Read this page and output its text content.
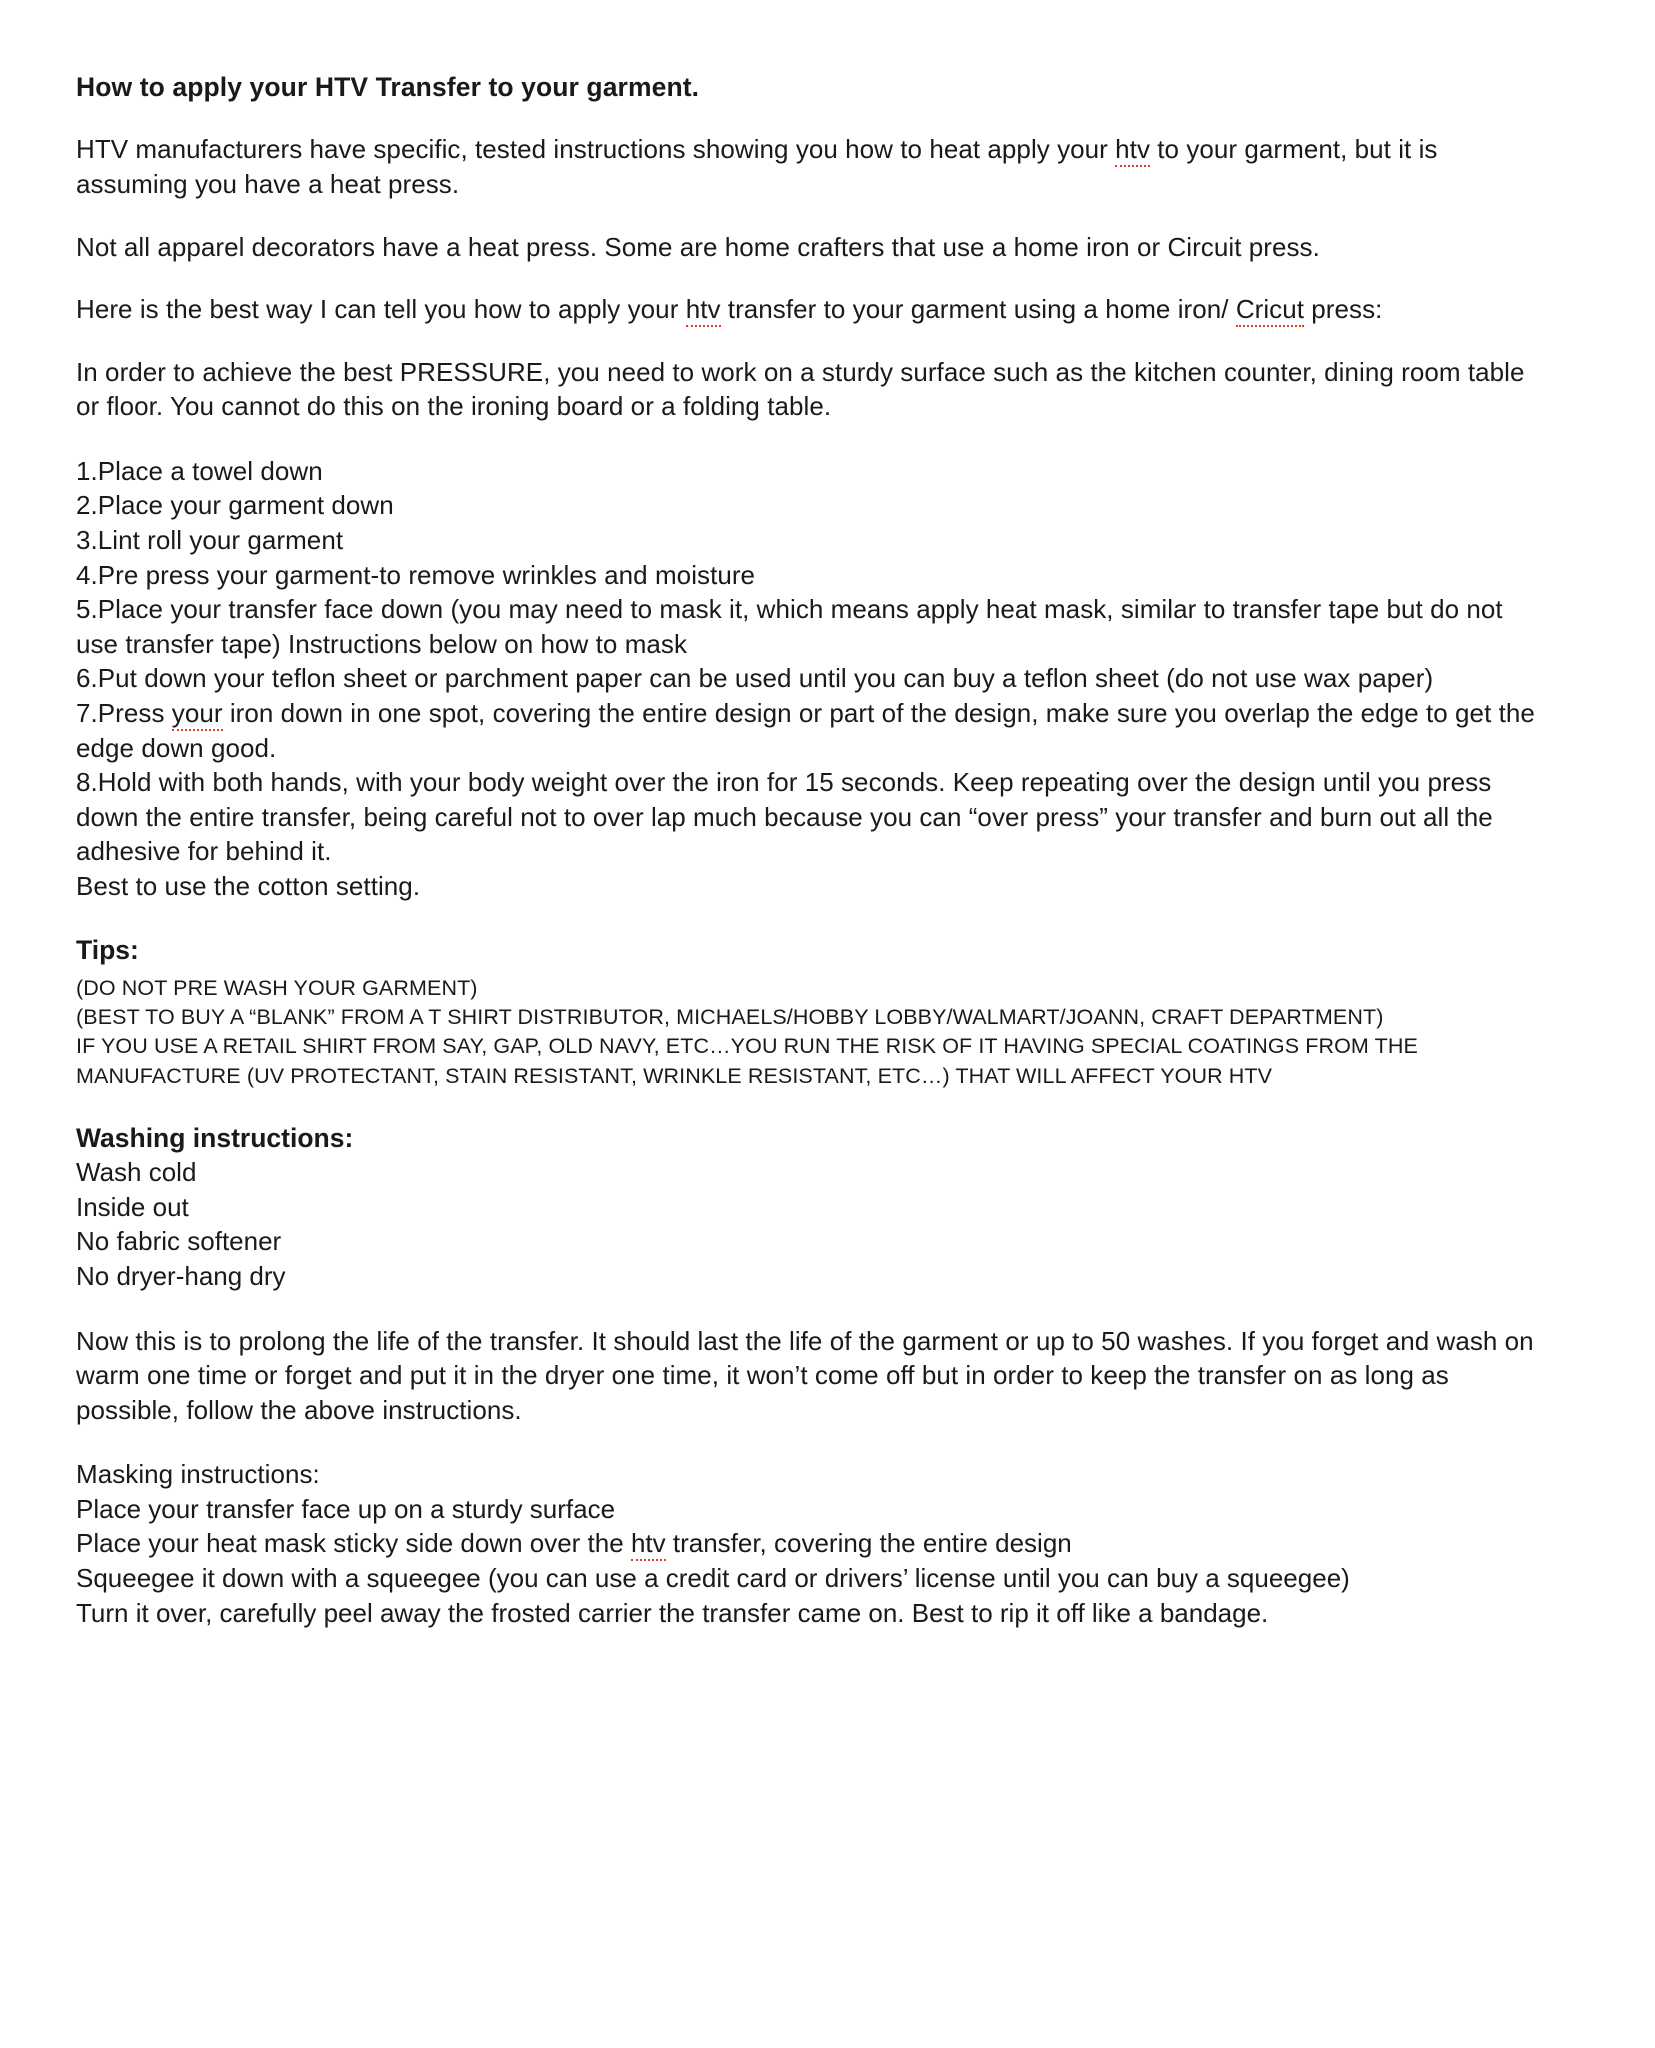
How to apply your HTV Transfer to your garment.

HTV manufacturers have specific, tested instructions showing you how to heat apply your htv to your garment, but it is assuming you have a heat press.

Not all apparel decorators have a heat press. Some are home crafters that use a home iron or Circuit press.

Here is the best way I can tell you how to apply your htv transfer to your garment using a home iron/ Cricut press:

In order to achieve the best PRESSURE, you need to work on a sturdy surface such as the kitchen counter, dining room table or floor. You cannot do this on the ironing board or a folding table.

1.Place a towel down

2.Place your garment down

3.Lint roll your garment

4.Pre press your garment-to remove wrinkles and moisture

5.Place your transfer face down (you may need to mask it, which means apply heat mask, similar to transfer tape but do not use transfer tape) Instructions below on how to mask

6.Put down your teflon sheet or parchment paper can be used until you can buy a teflon sheet (do not use wax paper)

7.Press your iron down in one spot, covering the entire design or part of the design, make sure you overlap the edge to get the edge down good.

8.Hold with both hands, with your body weight over the iron for 15 seconds. Keep repeating over the design until you press down the entire transfer, being careful not to over lap much because you can “over press” your transfer and burn out all the adhesive for behind it.

Best to use the cotton setting.

Tips:

(DO NOT PRE WASH YOUR GARMENT)

(BEST TO BUY A “BLANK” FROM A T SHIRT DISTRIBUTOR, MICHAELS/HOBBY LOBBY/WALMART/JOANN, CRAFT DEPARTMENT)

IF YOU USE A RETAIL SHIRT FROM SAY, GAP, OLD NAVY, ETC…YOU RUN THE RISK OF IT HAVING SPECIAL COATINGS FROM THE MANUFACTURE (UV PROTECTANT, STAIN RESISTANT, WRINKLE RESISTANT, ETC…) THAT WILL AFFECT YOUR HTV

Washing instructions:

Wash cold

Inside out

No fabric softener

No dryer-hang dry

Now this is to prolong the life of the transfer. It should last the life of the garment or up to 50 washes. If you forget and wash on warm one time or forget and put it in the dryer one time, it won’t come off but in order to keep the transfer on as long as possible, follow the above instructions.

Masking instructions:

Place your transfer face up on a sturdy surface

Place your heat mask sticky side down over the htv transfer, covering the entire design

Squeegee it down with a squeegee (you can use a credit card or drivers’ license until you can buy a squeegee)

Turn it over, carefully peel away the frosted carrier the transfer came on. Best to rip it off like a bandage.
